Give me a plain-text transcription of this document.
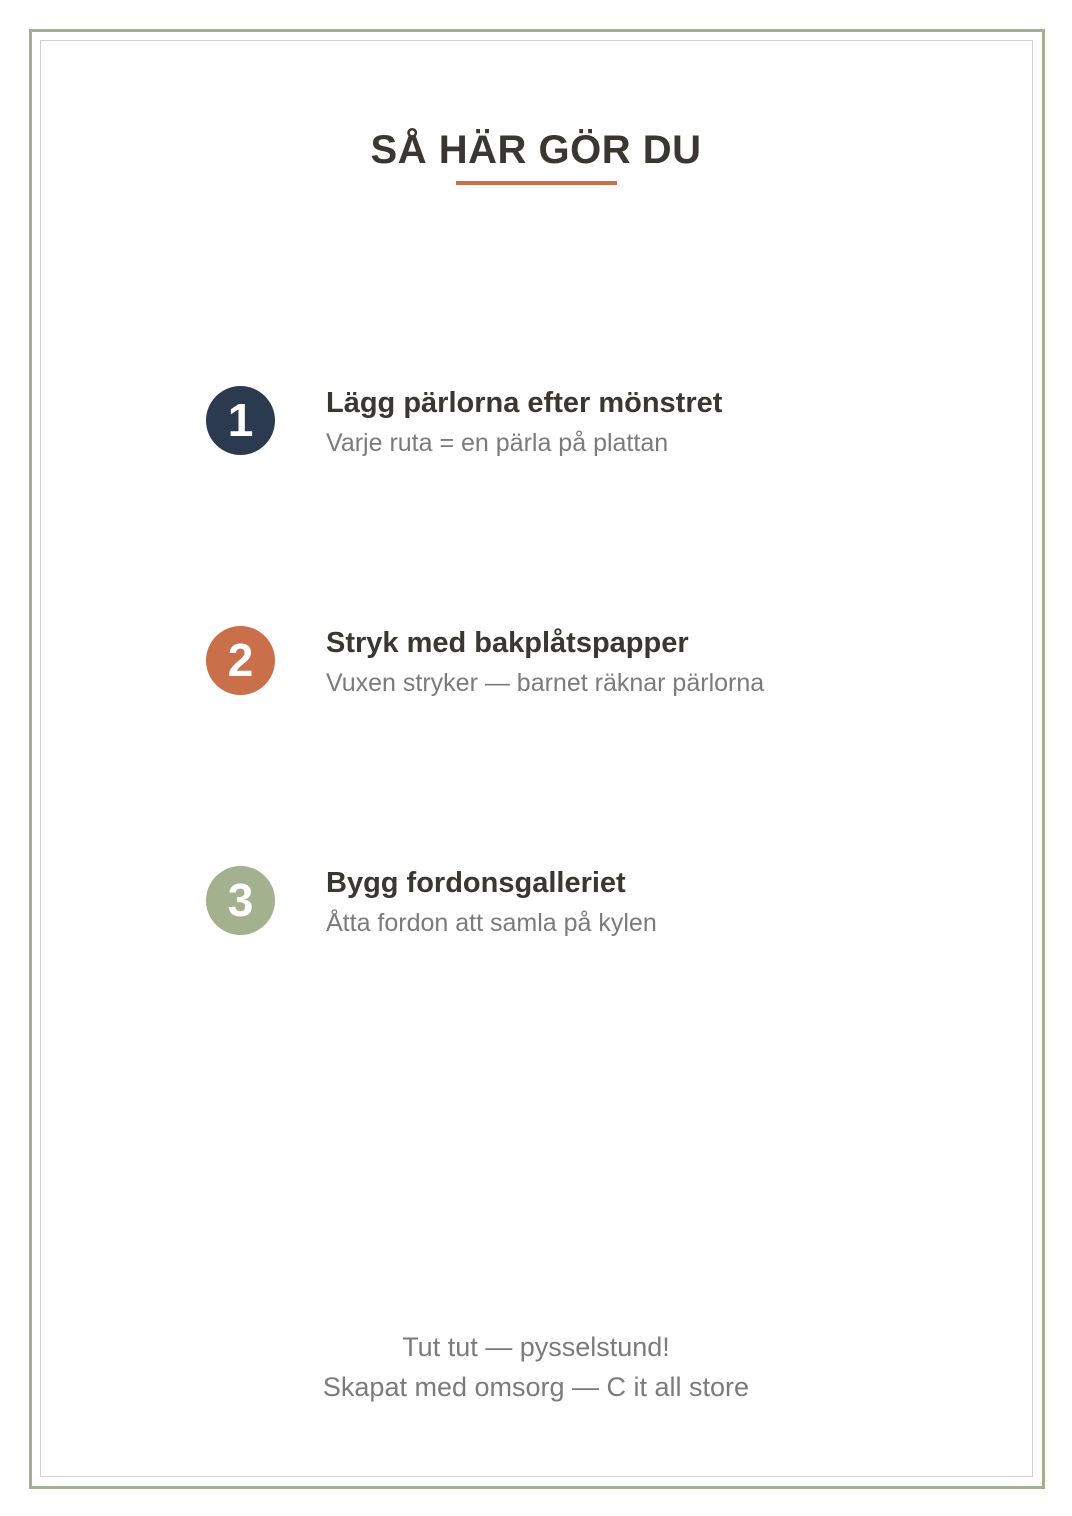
SÅ HÄR GÖR DU
1	Lägg pärlorna efter mönstret
Varje ruta = en pärla på plattan
2	Stryk med bakplåtspapper
Vuxen stryker — barnet räknar pärlorna
3	Bygg fordonsgalleriet
Åtta fordon att samla på kylen
Tut tut — pysselstund!
Skapat med omsorg — C it all store
